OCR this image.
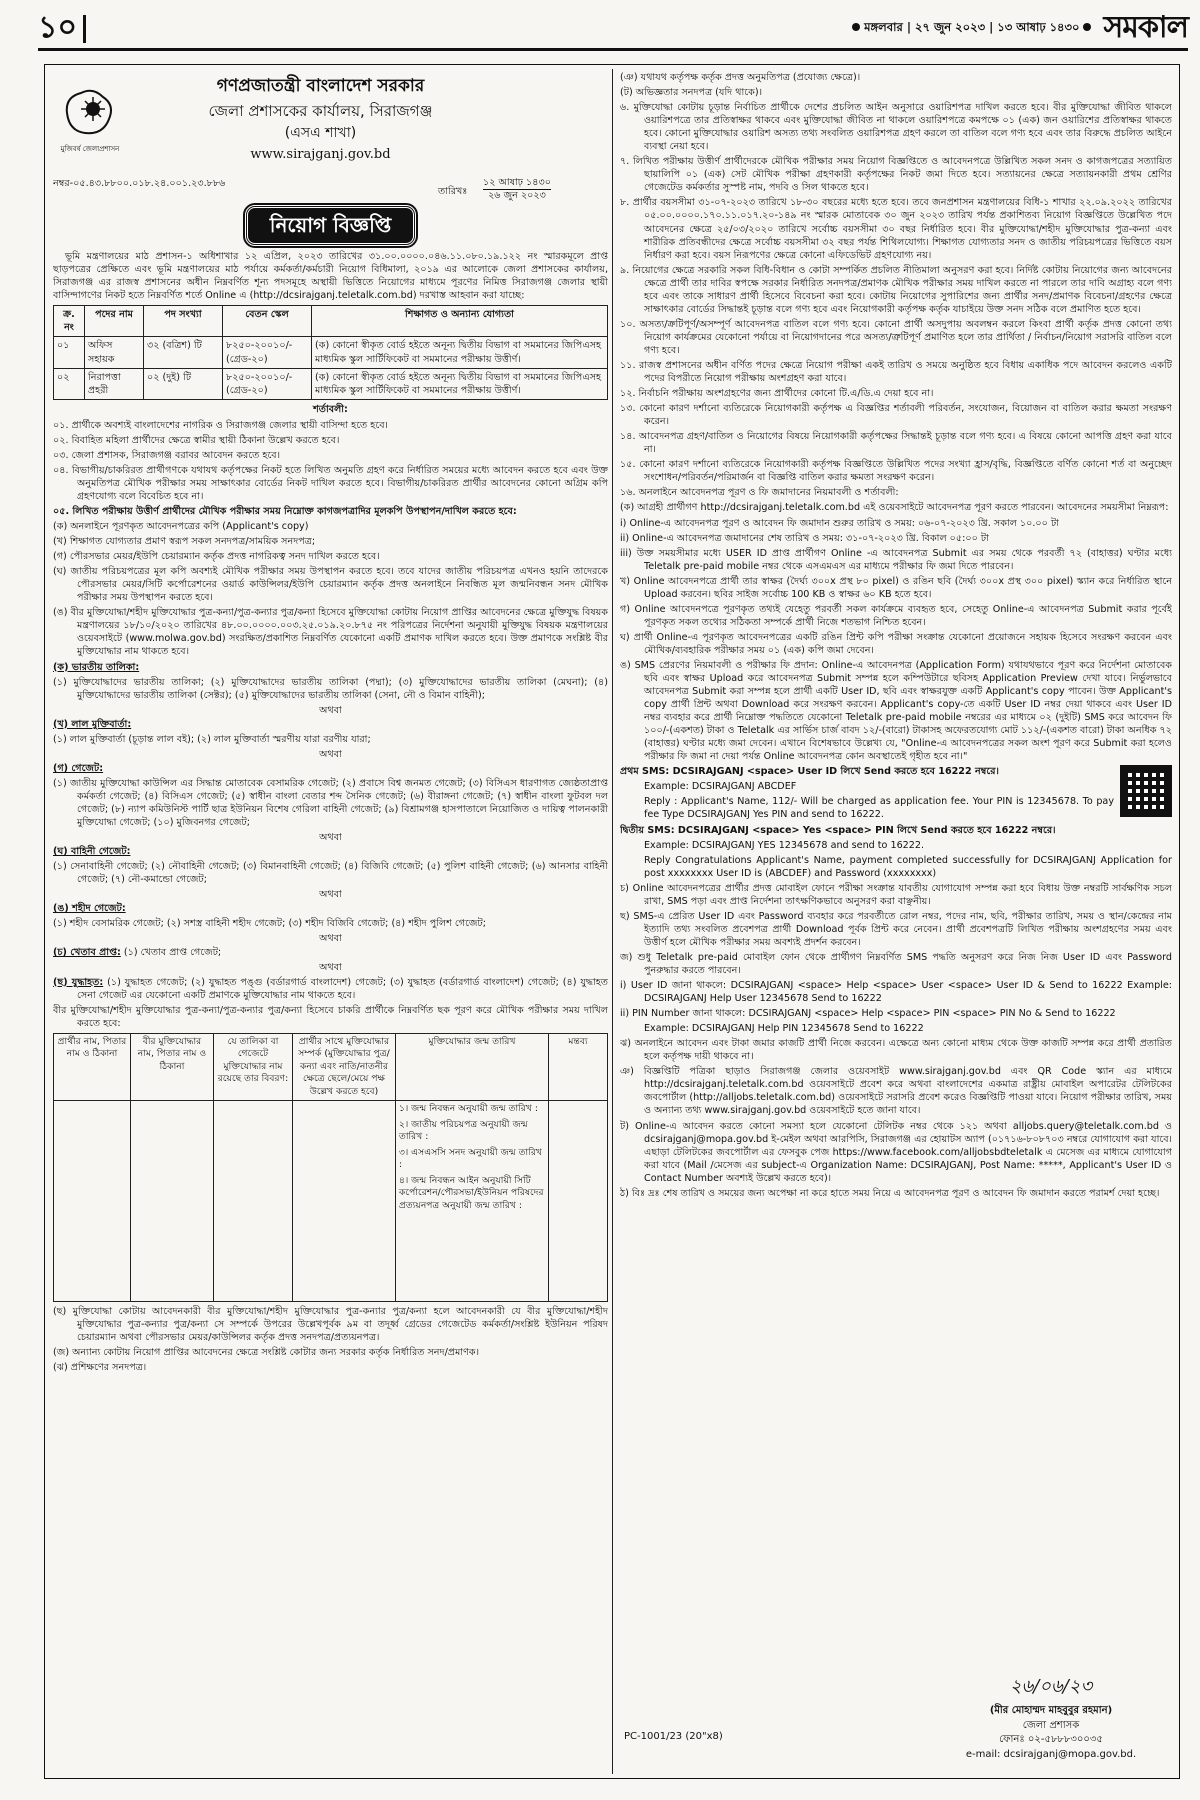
১০	মঙ্গলবার | ২৭ জুন ২০২৩ | ১৩ আষাঢ় ১৪৩০ সমকাল
মুজিবর্ষ জেলাপ্রশাসন
গণপ্রজাতন্ত্রী বাংলাদেশ সরকার
জেলা প্রশাসকের কার্যালয়, সিরাজগঞ্জ
(এসএ শাখা)
www.sirajganj.gov.bd
নম্বর-০৫.৪৩.৮৮০০.০১৮.২৪.০০১.২৩.৮৮৬
তারিখঃ
১২ আষাঢ় ১৪৩০
২৬ জুন ২০২৩
নিয়োগ বিজ্ঞপ্তি

ভূমি মন্ত্রণালয়ের মাঠ প্রশাসন-১ অধিশাখার ১২ এপ্রিল, ২০২৩ তারিখের ৩১.০০.০০০০.০৪৬.১১.০৮০.১৯.১২২ নং স্মারকমূলে প্রাপ্ত ছাড়পত্রের প্রেক্ষিতে এবং ভূমি মন্ত্রণালয়ের মাঠ পর্যায়ে কর্মকর্তা/কর্মচারী নিয়োগ বিধিমালা, ২০১৯ এর আলোকে জেলা প্রশাসকের কার্যালয়, সিরাজগঞ্জ এর রাজস্ব প্রশাসনের অধীন নিম্নবর্ণিত শূন্য পদসমূহে অস্থায়ী ভিত্তিতে নিয়োগের মাধ্যমে পূরণের নিমিত্ত সিরাজগঞ্জ জেলার স্থায়ী বাসিন্দাগণের নিকট হতে নিম্নবর্ণিত শর্তে Online এ (http://dcsirajganj.teletalk.com.bd) দরখাস্ত আহবান করা যাচ্ছে:

ক্র. নং	পদের নাম	পদ সংখ্যা	বেতন স্কেল	শিক্ষাগত ও অন্যান্য যোগ্যতা
০১	অফিস সহায়ক	৩২ (বত্রিশ) টি	৮২৫০-২০০১০/- (গ্রেড-২০)	(ক) কোনো স্বীকৃত বোর্ড হইতে অনূন্য দ্বিতীয় বিভাগ বা সমমানের জিপিএসহ মাধ্যমিক স্কুল সার্টিফিকেট বা সমমানের পরীক্ষায় উত্তীর্ণ।
০২	নিরাপত্তা প্রহরী	০২ (দুই) টি	৮২৫০-২০০১০/- (গ্রেড-২০)	(ক) কোনো স্বীকৃত বোর্ড হইতে অনূন্য দ্বিতীয় বিভাগ বা সমমানের জিপিএসহ মাধ্যমিক স্কুল সার্টিফিকেট বা সমমানের পরীক্ষায় উত্তীর্ণ।
শর্তাবলী:

০১. প্রার্থীকে অবশ্যই বাংলাদেশের নাগরিক ও সিরাজগঞ্জ জেলার স্থায়ী বাসিন্দা হতে হবে।

০২. বিবাহিত মহিলা প্রার্থীদের ক্ষেত্রে স্বামীর স্থায়ী ঠিকানা উল্লেখ করতে হবে।

০৩. জেলা প্রশাসক, সিরাজগঞ্জ বরাবর আবেদন করতে হবে।

০৪. বিভাগীয়/চাকরিরত প্রার্থীগণকে যথাযথ কর্তৃপক্ষের নিকট হতে লিখিত অনুমতি গ্রহণ করে নির্ধারিত সময়ের মধ্যে আবেদন করতে হবে এবং উক্ত অনুমতিপত্র মৌখিক পরীক্ষার সময় সাক্ষাৎকার বোর্ডের নিকট দাখিল করতে হবে। বিভাগীয়/চাকরিরত প্রার্থীর আবেদনের কোনো অগ্রিম কপি গ্রহণযোগ্য বলে বিবেচিত হবে না।

০৫. লিখিত পরীক্ষায় উত্তীর্ণ প্রার্থীদের মৌখিক পরীক্ষার সময় নিম্নোক্ত কাগজপত্রাদির মূলকপি উপস্থাপন/দাখিল করতে হবে:

(ক) অনলাইনে পূরণকৃত আবেদনপত্রের কপি (Applicant's copy)

(খ) শিক্ষাগত যোগ্যতার প্রমাণ স্বরূপ সকল সনদপত্র/সাময়িক সনদপত্র;

(গ) পৌরসভার মেয়র/ইউপি চেয়ারম্যান কর্তৃক প্রদত্ত নাগরিকত্ব সনদ দাখিল করতে হবে।

(ঘ) জাতীয় পরিচয়পত্রের মূল কপি অবশ্যই মৌখিক পরীক্ষার সময় উপস্থাপন করতে হবে। তবে যাদের জাতীয় পরিচয়পত্র এখনও হয়নি তাদেরকে পৌরসভার মেয়র/সিটি কর্পোরেশনের ওয়ার্ড কাউন্সিলর/ইউপি চেয়ারম্যান কর্তৃক প্রদত্ত অনলাইনে নিবন্ধিত মূল জন্মনিবন্ধন সনদ মৌখিক পরীক্ষার সময় উপস্থাপন করতে হবে।

(ঙ) বীর মুক্তিযোদ্ধা/শহীদ মুক্তিযোদ্ধার পুত্র-কন্যা/পুত্র-কন্যার পুত্র/কন্যা হিসেবে মুক্তিযোদ্ধা কোটায় নিয়োগ প্রাপ্তির আবেদনের ক্ষেত্রে মুক্তিযুদ্ধ বিষয়ক মন্ত্রণালয়ের ১৮/১০/২০২০ তারিখের ৪৮.০০.০০০০.০০৩.২৫.০১৯.২০.৮৭৫ নং পরিপত্রের নির্দেশনা অনুযায়ী মুক্তিযুদ্ধ বিষয়ক মন্ত্রণালয়ের ওয়েবসাইটে (www.molwa.gov.bd) সংরক্ষিত/প্রকাশিত নিম্নবর্ণিত যেকোনো একটি প্রমাণক দাখিল করতে হবে। উক্ত প্রমাণকে সংশ্লিষ্ট বীর মুক্তিযোদ্ধার নাম থাকতে হবে।

(ক) ভারতীয় তালিকা:

(১) মুক্তিযোদ্ধাদের ভারতীয় তালিকা; (২) মুক্তিযোদ্ধাদের ভারতীয় তালিকা (পদ্মা); (৩) মুক্তিযোদ্ধাদের ভারতীয় তালিকা (মেঘনা); (৪) মুক্তিযোদ্ধাদের ভারতীয় তালিকা (সেক্টর); (৫) মুক্তিযোদ্ধাদের ভারতীয় তালিকা (সেনা, নৌ ও বিমান বাহিনী);

অথবা

(খ) লাল মুক্তিবার্তা:

(১) লাল মুক্তিবার্তা (চূড়ান্ত লাল বই); (২) লাল মুক্তিবার্তা স্মরণীয় যারা বরণীয় যারা;

অথবা

(গ) গেজেট:

(১) জাতীয় মুক্তিযোদ্ধা কাউন্সিল এর সিদ্ধান্ত মোতাবেক বেসামরিক গেজেট; (২) প্রবাসে বিশ্ব জনমত গেজেট; (৩) বিসিএস ধারণাগত জ্যেষ্ঠতাপ্রাপ্ত কর্মকর্তা গেজেট; (৪) বিসিএস গেজেট; (৫) স্বাধীন বাংলা বেতার শব্দ সৈনিক গেজেট; (৬) বীরাঙ্গনা গেজেট; (৭) স্বাধীন বাংলা ফুটবল দল গেজেট; (৮) ন্যাপ কমিউনিস্ট পার্টি ছাত্র ইউনিয়ন বিশেষ গেরিলা বাহিনী গেজেট; (৯) বিশ্রামগঞ্জ হাসপাতালে নিয়োজিত ও দায়িত্ব পালনকারী মুক্তিযোদ্ধা গেজেট; (১০) মুজিবনগর গেজেট;

অথবা

(ঘ) বাহিনী গেজেট:

(১) সেনাবাহিনী গেজেট; (২) নৌবাহিনী গেজেট; (৩) বিমানবাহিনী গেজেট; (৪) বিজিবি গেজেট; (৫) পুলিশ বাহিনী গেজেট; (৬) আনসার বাহিনী গেজেট; (৭) নৌ-কমান্ডো গেজেট;

অথবা

(ঙ) শহীদ গেজেট:

(১) শহীদ বেসামরিক গেজেট; (২) সশস্ত্র বাহিনী শহীদ গেজেট; (৩) শহীদ বিজিবি গেজেট; (৪) শহীদ পুলিশ গেজেট;

অথবা

(চ) খেতাব প্রাপ্ত: (১) খেতাব প্রাপ্ত গেজেট;

অথবা

(ছ) যুদ্ধাহত: (১) যুদ্ধাহত গেজেট; (২) যুদ্ধাহত পঙ্গু (বর্ডারগার্ড বাংলাদেশ) গেজেট; (৩) যুদ্ধাহত (বর্ডারগার্ড বাংলাদেশ) গেজেট; (৪) যুদ্ধাহত সেনা গেজেট এর যেকোনো একটি প্রমাণকে মুক্তিযোদ্ধার নাম থাকতে হবে।

বীর মুক্তিযোদ্ধা/শহীদ মুক্তিযোদ্ধার পুত্র-কন্যা/পুত্র-কন্যার পুত্র/কন্যা হিসেবে চাকরি প্রার্থীকে নিম্নবর্ণিত ছক পূরণ করে মৌখিক পরীক্ষার সময় দাখিল করতে হবে:

প্রার্থীর নাম, পিতার নাম ও ঠিকানা	বীর মুক্তিযোদ্ধার নাম, পিতার নাম ও ঠিকানা	যে তালিকা বা গেজেটে মুক্তিযোদ্ধার নাম রয়েছে তার বিবরণ:	প্রার্থীর সাথে মুক্তিযোদ্ধার সম্পর্ক (মুক্তিযোদ্ধার পুত্র/কন্যা এবং নাতি/নাতনীর ক্ষেত্রে ছেলে/মেয়ে পক্ষ উল্লেখ করতে হবে)	মুক্তিযোদ্ধার জন্ম তারিখ	মন্তব্য

				১। জন্ম নিবন্ধন অনুযায়ী জন্ম তারিখ :
২। জাতীয় পরিচয়পত্র অনুযায়ী জন্ম তারিখ :
৩। এসএসসি সনদ অনুযায়ী জন্ম তারিখ :
৪। জন্ম নিবন্ধন আইন অনুযায়ী সিটি কর্পোরেশন/পৌরসভা/ইউনিয়ন পরিষদের প্রত্যয়নপত্র অনুযায়ী জন্ম তারিখ :	

(ছ) মুক্তিযোদ্ধা কোটায় আবেদনকারী বীর মুক্তিযোদ্ধা/শহীদ মুক্তিযোদ্ধার পুত্র-কন্যার পুত্র/কন্যা হলে আবেদনকারী যে বীর মুক্তিযোদ্ধা/শহীদ মুক্তিযোদ্ধার পুত্র-কন্যার পুত্র/কন্যা সে সম্পর্কে উপরের উল্লেখপূর্বক ৯ম বা তদূর্ধ্ব গ্রেডের গেজেটেড কর্মকর্তা/সংশ্লিষ্ট ইউনিয়ন পরিষদ চেয়ারম্যান অথবা পৌরসভার মেয়র/কাউন্সিলর কর্তৃক প্রদত্ত সনদপত্র/প্রত্যয়নপত্র।

(জ) অন্যান্য কোটায় নিয়োগ প্রাপ্তির আবেদনের ক্ষেত্রে সংশ্লিষ্ট কোটার জন্য সরকার কর্তৃক নির্ধারিত সনদ/প্রমাণক।

(ঝ) প্রশিক্ষণের সনদপত্র।

(ঞ) যথাযথ কর্তৃপক্ষ কর্তৃক প্রদত্ত অনুমতিপত্র (প্রযোজ্য ক্ষেত্রে)।

(ট) অভিজ্ঞতার সনদপত্র (যদি থাকে)।

৬. মুক্তিযোদ্ধা কোটায় চূড়ান্ত নির্বাচিত প্রার্থীকে দেশের প্রচলিত আইন অনুসারে ওয়ারিশপত্র দাখিল করতে হবে। বীর মুক্তিযোদ্ধা জীবিত থাকলে ওয়ারিশপত্রে তার প্রতিস্বাক্ষর থাকবে এবং মুক্তিযোদ্ধা জীবিত না থাকলে ওয়ারিশপত্রে কমপক্ষে ০১ (এক) জন ওয়ারিশের প্রতিস্বাক্ষর থাকতে হবে। কোনো মুক্তিযোদ্ধার ওয়ারিশ অসত্য তথ্য সংবলিত ওয়ারিশপত্র গ্রহণ করলে তা বাতিল বলে গণ্য হবে এবং তার বিরুদ্ধে প্রচলিত আইনে ব্যবস্থা নেয়া হবে।

৭. লিখিত পরীক্ষায় উত্তীর্ণ প্রার্থীদেরকে মৌখিক পরীক্ষার সময় নিয়োগ বিজ্ঞপ্তিতে ও আবেদনপত্রে উল্লিখিত সকল সনদ ও কাগজপত্রের সত্যায়িত ছায়ালিপি ০১ (এক) সেট মৌখিক পরীক্ষা গ্রহণকারী কর্তৃপক্ষের নিকট জমা দিতে হবে। সত্যায়নের ক্ষেত্রে সত্যায়নকারী প্রথম শ্রেণির গেজেটেড কর্মকর্তার সুস্পষ্ট নাম, পদবি ও সিল থাকতে হবে।

৮. প্রার্থীর বয়সসীমা ৩১-০৭-২০২৩ তারিখে ১৮-৩০ বছরের মধ্যে হতে হবে। তবে জনপ্রশাসন মন্ত্রণালয়ের বিধি-১ শাখার ২২.০৯.২০২২ তারিখের ০৫.০০.০০০০.১৭০.১১.০১৭.২০-১৪৯ নং স্মারক মোতাবেক ৩০ জুন ২০২৩ তারিখ পর্যন্ত প্রকাশিতব্য নিয়োগ বিজ্ঞপ্তিতে উল্লেখিত পদে আবেদনের ক্ষেত্রে ২৫/০৩/২০২০ তারিখে সর্বোচ্চ বয়সসীমা ৩০ বছর নির্ধারিত হবে। বীর মুক্তিযোদ্ধা/শহীদ মুক্তিযোদ্ধার পুত্র-কন্যা এবং শারীরিক প্রতিবন্ধীদের ক্ষেত্রে সর্বোচ্চ বয়সসীমা ৩২ বছর পর্যন্ত শিথিলযোগ্য। শিক্ষাগত যোগ্যতার সনদ ও জাতীয় পরিচয়পত্রের ভিত্তিতে বয়স নির্ধারণ করা হবে। বয়স নিরূপণের ক্ষেত্রে কোনো এফিডেভিট গ্রহণযোগ্য নয়।

৯. নিয়োগের ক্ষেত্রে সরকারি সকল বিধি-বিধান ও কোটা সম্পর্কিত প্রচলিত নীতিমালা অনুসরণ করা হবে। নির্দিষ্ট কোটায় নিয়োগের জন্য আবেদনের ক্ষেত্রে প্রার্থী তার দাবির স্বপক্ষে সরকার নির্ধারিত সনদপত্র/প্রমাণক মৌখিক পরীক্ষার সময় দাখিল করতে না পারলে তার দাবি অগ্রাহ্য বলে গণ্য হবে এবং তাকে সাধারণ প্রার্থী হিসেবে বিবেচনা করা হবে। কোটায় নিয়োগের সুপারিশের জন্য প্রার্থীর সনদ/প্রমাণক বিবেচনা/গ্রহণের ক্ষেত্রে সাক্ষাৎকার বোর্ডের সিদ্ধান্তই চূড়ান্ত বলে গণ্য হবে এবং নিয়োগকারী কর্তৃপক্ষ কর্তৃক যাচাইয়ে উক্ত সনদ সঠিক বলে প্রমাণিত হতে হবে।

১০. অসত্য/ক্রটিপূর্ণ/অসম্পূর্ণ আবেদনপত্র বাতিল বলে গণ্য হবে। কোনো প্রার্থী অসদুপায় অবলম্বন করলে কিংবা প্রার্থী কর্তৃক প্রদত্ত কোনো তথ্য নিয়োগ কার্যক্রমের যেকোনো পর্যায়ে বা নিয়োগদানের পরে অসত্য/ত্রুটিপূর্ণ প্রমাণিত হলে তার প্রার্থিতা / নির্বাচন/নিয়োগ সরাসরি বাতিল বলে গণ্য হবে।

১১. রাজস্ব প্রশাসনের অধীন বর্ণিত পদের ক্ষেত্রে নিয়োগ পরীক্ষা একই তারিখ ও সময়ে অনুষ্ঠিত হবে বিধায় একাধিক পদে আবেদন করলেও একটি পদের বিপরীতে নিয়োগ পরীক্ষায় অংশগ্রহণ করা যাবে।

১২. নির্বাচনি পরীক্ষায় অংশগ্রহণের জন্য প্রার্থীদের কোনো টি.এ/ডি.এ দেয়া হবে না।

১৩. কোনো কারণ দর্শানো ব্যতিরেকে নিয়োগকারী কর্তৃপক্ষ এ বিজ্ঞপ্তির শর্তাবলী পরিবর্তন, সংযোজন, বিয়োজন বা বাতিল করার ক্ষমতা সংরক্ষণ করেন।

১৪. আবেদনপত্র গ্রহণ/বাতিল ও নিয়োগের বিষয়ে নিয়োগকারী কর্তৃপক্ষের সিদ্ধান্তই চূড়ান্ত বলে গণ্য হবে। এ বিষয়ে কোনো আপত্তি গ্রহণ করা যাবে না।

১৫. কোনো কারণ দর্শানো ব্যতিরেকে নিয়োগকারী কর্তৃপক্ষ বিজ্ঞপ্তিতে উল্লিখিত পদের সংখ্যা হ্রাস/বৃদ্ধি, বিজ্ঞপ্তিতে বর্ণিত কোনো শর্ত বা অনুচ্ছেদ সংশোধন/পরিবর্তন/পরিমার্জন বা বিজ্ঞপ্তি বাতিল করার ক্ষমতা সংরক্ষণ করেন।

১৬. অনলাইনে আবেদনপত্র পূরণ ও ফি জমাদানের নিয়মাবলী ও শর্তাবলী:

(ক) আগ্রহী প্রার্থীগণ http://dcsirajganj.teletalk.com.bd এই ওয়েবসাইটে আবেদনপত্র পূরণ করতে পারবেন। আবেদনের সময়সীমা নিম্নরূপ:

i) Online-এ আবেদনপত্র পূরণ ও আবেদন ফি জমাদান শুরুর তারিখ ও সময়: ০৬-০৭-২০২৩ খ্রি. সকাল ১০.০০ টা

ii) Online-এ আবেদনপত্র জমাদানের শেষ তারিখ ও সময়: ৩১-০৭-২০২৩ খ্রি. বিকাল ০৫:০০ টা

iii) উক্ত সময়সীমার মধ্যে USER ID প্রাপ্ত প্রার্থীগণ Online -এ আবেদনপত্র Submit এর সময় থেকে পরবর্তী ৭২ (বাহাত্তর) ঘণ্টার মধ্যে Teletalk pre-paid mobile নম্বর থেকে এসএমএস এর মাধ্যমে পরীক্ষার ফি জমা দিতে পারবেন।

খ) Online আবেদনপত্রে প্রার্থী তার স্বাক্ষর (দৈর্ঘ্য ৩০০x প্রস্থ ৮০ pixel) ও রঙিন ছবি (দৈর্ঘ্য ৩০০x প্রস্থ ৩০০ pixel) স্ক্যান করে নির্ধারিত স্থানে Upload করবেন। ছবির সাইজ সর্বোচ্চ 100 KB ও স্বাক্ষর ৬০ KB হতে হবে।

গ) Online আবেদনপত্রে পূরণকৃত তথ্যই যেহেতু পরবর্তী সকল কার্যক্রমে ব্যবহৃত হবে, সেহেতু Online-এ আবেদনপত্র Submit করার পূর্বেই পূরণকৃত সকল তথ্যের সঠিকতা সম্পর্কে প্রার্থী নিজে শতভাগ নিশ্চিত হবেন।

ঘ) প্রার্থী Online-এ পূরণকৃত আবেদনপত্রের একটি রঙিন প্রিন্ট কপি পরীক্ষা সংক্রান্ত যেকোনো প্রয়োজনে সহায়ক হিসেবে সংরক্ষণ করবেন এবং মৌখিক/ব্যবহারিক পরীক্ষার সময় ০১ (এক) কপি জমা দেবেন।

ঙ) SMS প্রেরণের নিয়মাবলী ও পরীক্ষার ফি প্রদান: Online-এ আবেদনপত্র (Application Form) যথাযথভাবে পূরণ করে নির্দেশনা মোতাবেক ছবি এবং স্বাক্ষর Upload করে আবেদনপত্র Submit সম্পন্ন হলে কম্পিউটারে ছবিসহ Application Preview দেখা যাবে। নির্ভুলভাবে আবেদনপত্র Submit করা সম্পন্ন হলে প্রার্থী একটি User ID, ছবি এবং স্বাক্ষরযুক্ত একটি Applicant's copy পাবেন। উক্ত Applicant's copy প্রার্থী প্রিন্ট অথবা Download করে সংরক্ষণ করবেন। Applicant's copy-তে একটি User ID নম্বর দেয়া থাকবে এবং User ID নম্বর ব্যবহার করে প্রার্থী নিম্নোক্ত পদ্ধতিতে যেকোনো Teletalk pre-paid mobile নম্বরের এর মাধ্যমে ০২ (দুইটি) SMS করে আবেদন ফি ১০০/-(একশত) টাকা ও Teletalk এর সার্ভিস চার্জ বাবদ ১২/-(বারো) টাকাসহ অফেরতযোগ্য মোট ১১২/-(একশত বারো) টাকা অনধিক ৭২ (বাহাত্তর) ঘণ্টার মধ্যে জমা দেবেন। এখানে বিশেষভাবে উল্লেখ্য যে, "Online-এ আবেদনপত্রের সকল অংশ পূরণ করে Submit করা হলেও পরীক্ষার ফি জমা না দেয়া পর্যন্ত Online আবেদনপত্র কোন অবস্থাতেই গৃহীত হবে না।"

প্রথম SMS: DCSIRAJGANJ <space> User ID লিখে Send করতে হবে 16222 নম্বরে।

Example: DCSIRAJGANJ ABCDEF

Reply : Applicant's Name, 112/- Will be charged as application fee. Your PIN is 12345678. To pay fee Type DCSIRAJGANJ Yes PIN and send to 16222.

দ্বিতীয় SMS: DCSIRAJGANJ <space> Yes <space> PIN লিখে Send করতে হবে 16222 নম্বরে।

Example: DCSIRAJGANJ YES 12345678 and send to 16222.

Reply Congratulations Applicant's Name, payment completed successfully for DCSIRAJGANJ Application for post xxxxxxxx User ID is (ABCDEF) and Password (xxxxxxxx)

চ) Online আবেদনপত্রের প্রার্থীর প্রদত্ত মোবাইল ফোনে পরীক্ষা সংক্রান্ত যাবতীয় যোগাযোগ সম্পন্ন করা হবে বিধায় উক্ত নম্বরটি সার্বক্ষণিক সচল রাখা, SMS পড়া এবং প্রাপ্ত নির্দেশনা তাৎক্ষণিকভাবে অনুসরণ করা বাঞ্ছনীয়।

ছ) SMS-এ প্রেরিত User ID এবং Password ব্যবহার করে পরবর্তীতে রোল নম্বর, পদের নাম, ছবি, পরীক্ষার তারিখ, সময় ও স্থান/কেন্দ্রের নাম ইত্যাদি তথ্য সংবলিত প্রবেশপত্র প্রার্থী Download পূর্বক প্রিন্ট করে নেবেন। প্রার্থী প্রবেশপত্রটি লিখিত পরীক্ষায় অংশগ্রহণের সময় এবং উত্তীর্ণ হলে মৌখিক পরীক্ষার সময় অবশ্যই প্রদর্শন করবেন।

জ) শুধু Teletalk pre-paid মোবাইল ফোন থেকে প্রার্থীগণ নিম্নবর্ণিত SMS পদ্ধতি অনুসরণ করে নিজ নিজ User ID এবং Password পুনরুদ্ধার করতে পারবেন।

i) User ID জানা থাকলে: DCSIRAJGANJ <space> Help <space> User <space> User ID & Send to 16222 Example: DCSIRAJGANJ Help User 12345678 Send to 16222

ii) PIN Number জানা থাকলে: DCSIRAJGANJ <space> Help <space> PIN <space> PIN No & Send to 16222

Example: DCSIRAJGANJ Help PIN 12345678 Send to 16222

ঝ) অনলাইনে আবেদন এবং টাকা জমার কাজটি প্রার্থী নিজে করবেন। এক্ষেত্রে অন্য কোনো মাধ্যম থেকে উক্ত কাজটি সম্পন্ন করে প্রার্থী প্রতারিত হলে কর্তৃপক্ষ দায়ী থাকবে না।

ঞ) বিজ্ঞপ্তিটি পত্রিকা ছাড়াও সিরাজগঞ্জ জেলার ওয়েবসাইট www.sirajganj.gov.bd এবং QR Code স্ক্যান এর মাধ্যমে http://dcsirajganj.teletalk.com.bd ওয়েবসাইটে প্রবেশ করে অথবা বাংলাদেশের একমাত্র রাষ্ট্রীয় মোবাইল অপারেটর টেলিটকের জবপোর্টাল (http://alljobs.teletalk.com.bd) ওয়েবসাইটে সরাসরি প্রবেশ করেও বিজ্ঞপ্তিটি পাওয়া যাবে। নিয়োগ পরীক্ষার তারিখ, সময় ও অন্যান্য তথ্য www.sirajganj.gov.bd ওয়েবসাইটে হতে জানা যাবে।

ট) Online-এ আবেদন করতে কোনো সমস্যা হলে যেকোনো টেলিটক নম্বর থেকে ১২১ অথবা alljobs.query@teletalk.com.bd ও dcsirajganj@mopa.gov.bd ই-মেইল অথবা আরপিসি, সিরাজগঞ্জ এর হোয়াটস অ্যাপ (০১৭১৬-৮০৮৭০৩ নম্বরে যোগাযোগ করা যাবে। এছাড়া টেলিটকের জবপোর্টাল এর ফেসবুক পেজ https://www.facebook.com/alljobsbdteletalk এ মেসেজ এর মাধ্যমে যোগাযোগ করা যাবে (Mail /মেসেজ এর subject-এ Organization Name: DCSIRAJGANJ, Post Name: *****, Applicant's User ID ও Contact Number অবশ্যই উল্লেখ করতে হবে)।

ঠ) বিঃ দ্রঃ শেষ তারিখ ও সময়ের জন্য অপেক্ষা না করে হাতে সময় নিয়ে এ আবেদনপত্র পূরণ ও আবেদন ফি জমাদান করতে পরামর্শ দেয়া হচ্ছে।

PC-1001/23 (20"x8)
২৬/০৬/২৩
(মীর মোহাম্মদ মাহবুবুর রহমান)
জেলা প্রশাসক
ফোনঃ ০২-৫৮৮৮৩০০৩৫
e-mail: dcsirajganj@mopa.gov.bd.
